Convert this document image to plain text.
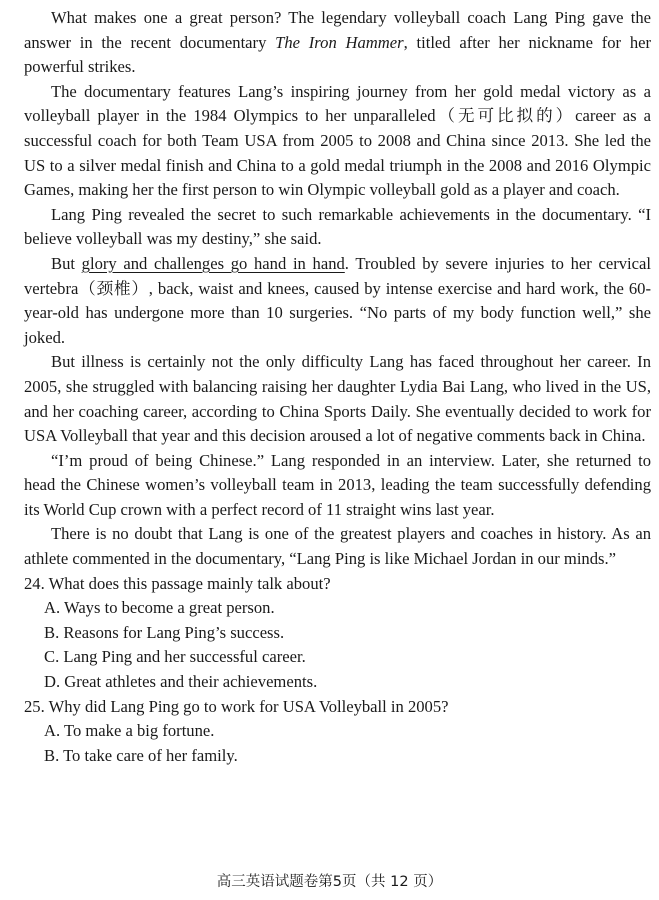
What makes one a great person? The legendary volleyball coach Lang Ping gave the answer in the recent documentary The Iron Hammer, titled after her nickname for her powerful strikes.

The documentary features Lang’s inspiring journey from her gold medal victory as a volleyball player in the 1984 Olympics to her unparalleled（无可比拟的）career as a successful coach for both Team USA from 2005 to 2008 and China since 2013. She led the US to a silver medal finish and China to a gold medal triumph in the 2008 and 2016 Olympic Games, making her the first person to win Olympic volleyball gold as a player and coach.

Lang Ping revealed the secret to such remarkable achievements in the documentary. “I believe volleyball was my destiny,” she said.

But glory and challenges go hand in hand. Troubled by severe injuries to her cervical vertebra（颈椎）, back, waist and knees, caused by intense exercise and hard work, the 60-year-old has undergone more than 10 surgeries. “No parts of my body function well,” she joked.

But illness is certainly not the only difficulty Lang has faced throughout her career. In 2005, she struggled with balancing raising her daughter Lydia Bai Lang, who lived in the US, and her coaching career, according to China Sports Daily. She eventually decided to work for USA Volleyball that year and this decision aroused a lot of negative comments back in China.

“I’m proud of being Chinese.” Lang responded in an interview. Later, she returned to head the Chinese women’s volleyball team in 2013, leading the team successfully defending its World Cup crown with a perfect record of 11 straight wins last year.

There is no doubt that Lang is one of the greatest players and coaches in history. As an athlete commented in the documentary, “Lang Ping is like Michael Jordan in our minds.”

24. What does this passage mainly talk about?
A. Ways to become a great person.
B. Reasons for Lang Ping’s success.
C. Lang Ping and her successful career.
D. Great athletes and their achievements.
25. Why did Lang Ping go to work for USA Volleyball in 2005?
A. To make a big fortune.
B. To take care of her family.
高三英语试题卷第5页（共 12 页）
